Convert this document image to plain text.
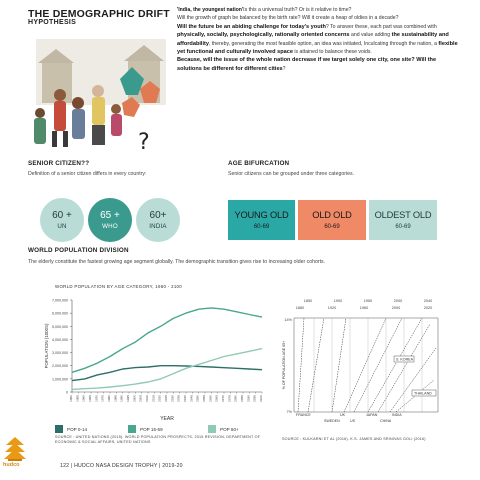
THE DEMOGRAPHIC DRIFT
HYPOTHESIS
?
'India, the youngest nation'Is this a universal truth? Or is it relative to time?
Will the growth of graph be balanced by the birth rate? Will it create a heap of oldies in a decade?
Will the future be an abiding challenge for today's youth? To answer these, each part was combined with physically, socially, psychologically, rationally oriented concerns and value adding the sustainability and affordability, thereby, generating the most feasible option, an idea was initiated, Inculcating through the nation, a flexible yet functional and culturally involved space is attained to balance these voids.
Because, will the issue of the whole nation decrease if we target solely one city, one site? Will the solutions be different for different cities?
SENIOR CITIZEN??
Definition of a senior citizen differs in every country:
60 +
UN
65 +
WHO
60+
INDIA
AGE BIFURCATION
Senior citizens can be grouped under three categories.
YOUNG OLD
60-69
OLD OLD
60-69
OLDEST OLD
60-69
WORLD POPULATION DIVISION
The elderly constitute the fastest growing age segment globally. The demographic transition gives rise to increasing older cohorts.
WORLD POPULATION BY AGE CATEGORY, 1950 - 2100
0
1,000,000
2,000,000
3,000,000
4,000,000
5,000,000
6,000,000
7,000,000
1950 1955 1960 1965 1970 1975 1980 1985 1990 1995 2000 2005 2010 2015 2020 2025 2030 2035 2040 2045 2050 2055 2060 2065 2070 2075 2080 2085 2090 2095 2100
YEAR
POPULATION (1000S)
POP 0-14	POP 15-59	POP 60+
SOURCE : UNITED NATIONS (2015). WORLD POPULATION PROSPECTS, 2015 REVISION, DEPARTMENT OF ECONOMIC & SOCIAL AFFAIRS, UNITED NATIONS
1850	1900	1950	2000	2040
1880	1920	1960	2000	2020
7%
14%
FRANCE
SWEDEN
UK
US
JAPAN
CHINA
INDIA
S. KOREA
THAILAND
% OF POPULATION AGE 65+
SOURCE : KULKARNI ET AL (2016). K.S. JAMES AND SRINIVAS GOLI (2016)
hudco	122 | HUDCO NASA DESIGN TROPHY | 2019-20
